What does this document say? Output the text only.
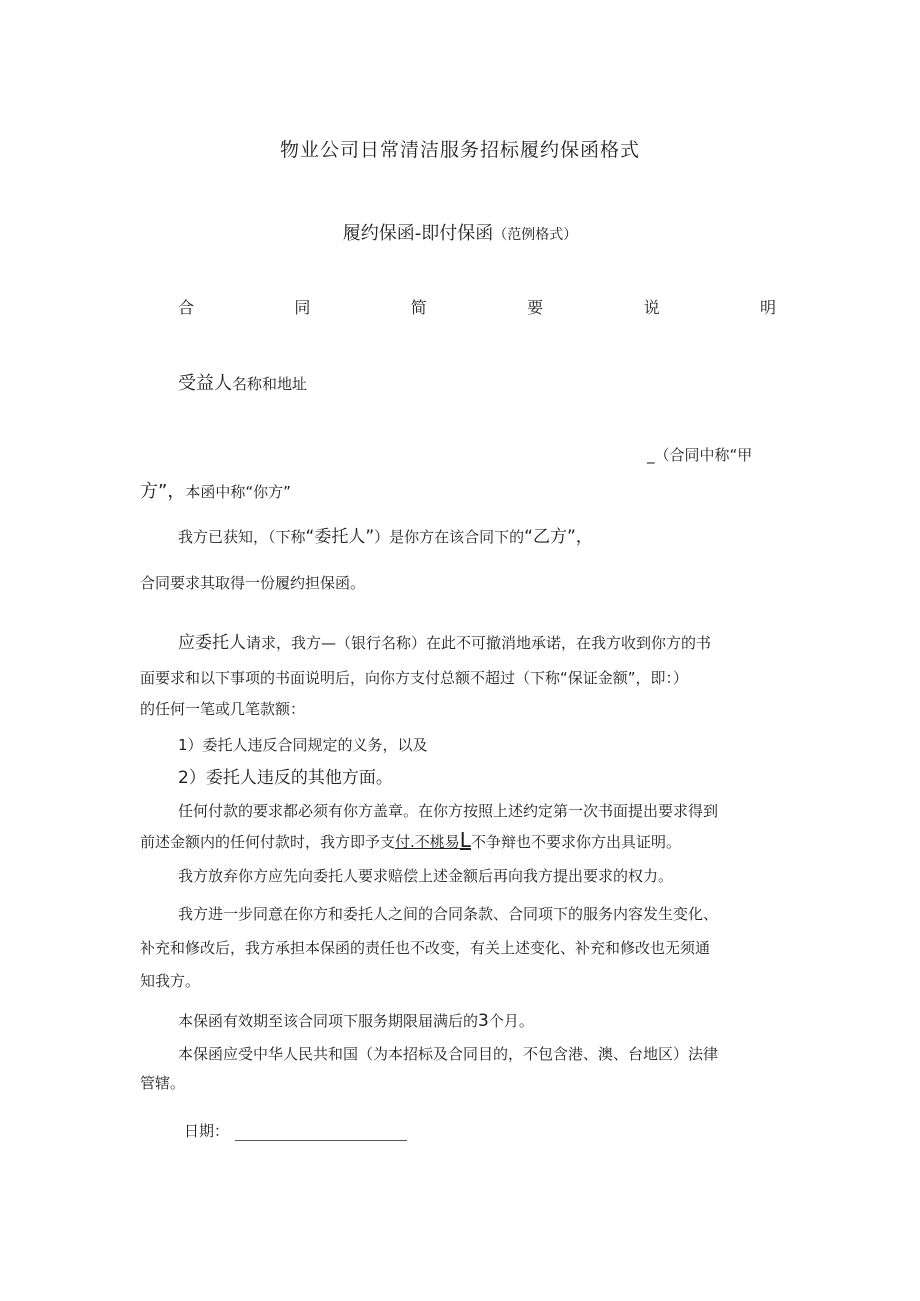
物业公司日常清洁服务招标履约保函格式
履约保函-即付保函（范例格式）
合	同	简	要	说	明
受益人名称和地址
_（合同中称“甲
方”，本函中称“你方”
我方已获知，（下称“委托人”）是你方在该合同下的“乙方”，
合同要求其取得一份履约担保函。
应委托人请求，我方—（银行名称）在此不可撤消地承诺，在我方收到你方的书
面要求和以下事项的书面说明后，向你方支付总额不超过（下称“保证金额”，即：）
的任何一笔或几笔款额：
1）委托人违反合同规定的义务，以及
2）委托人违反的其他方面。
任何付款的要求都必须有你方盖章。在你方按照上述约定第一次书面提出要求得到
前述金额内的任何付款时，我方即予支付.不桃易L不争辩也不要求你方出具证明。
我方放弃你方应先向委托人要求赔偿上述金额后再向我方提出要求的权力。
我方进一步同意在你方和委托人之间的合同条款、合同项下的服务内容发生变化、
补充和修改后，我方承担本保函的责任也不改变，有关上述变化、补充和修改也无须通
知我方。
本保函有效期至该合同项下服务期限届满后的3个月。
本保函应受中华人民共和国（为本招标及合同目的，不包含港、澳、台地区）法律
管辖。
日期：
